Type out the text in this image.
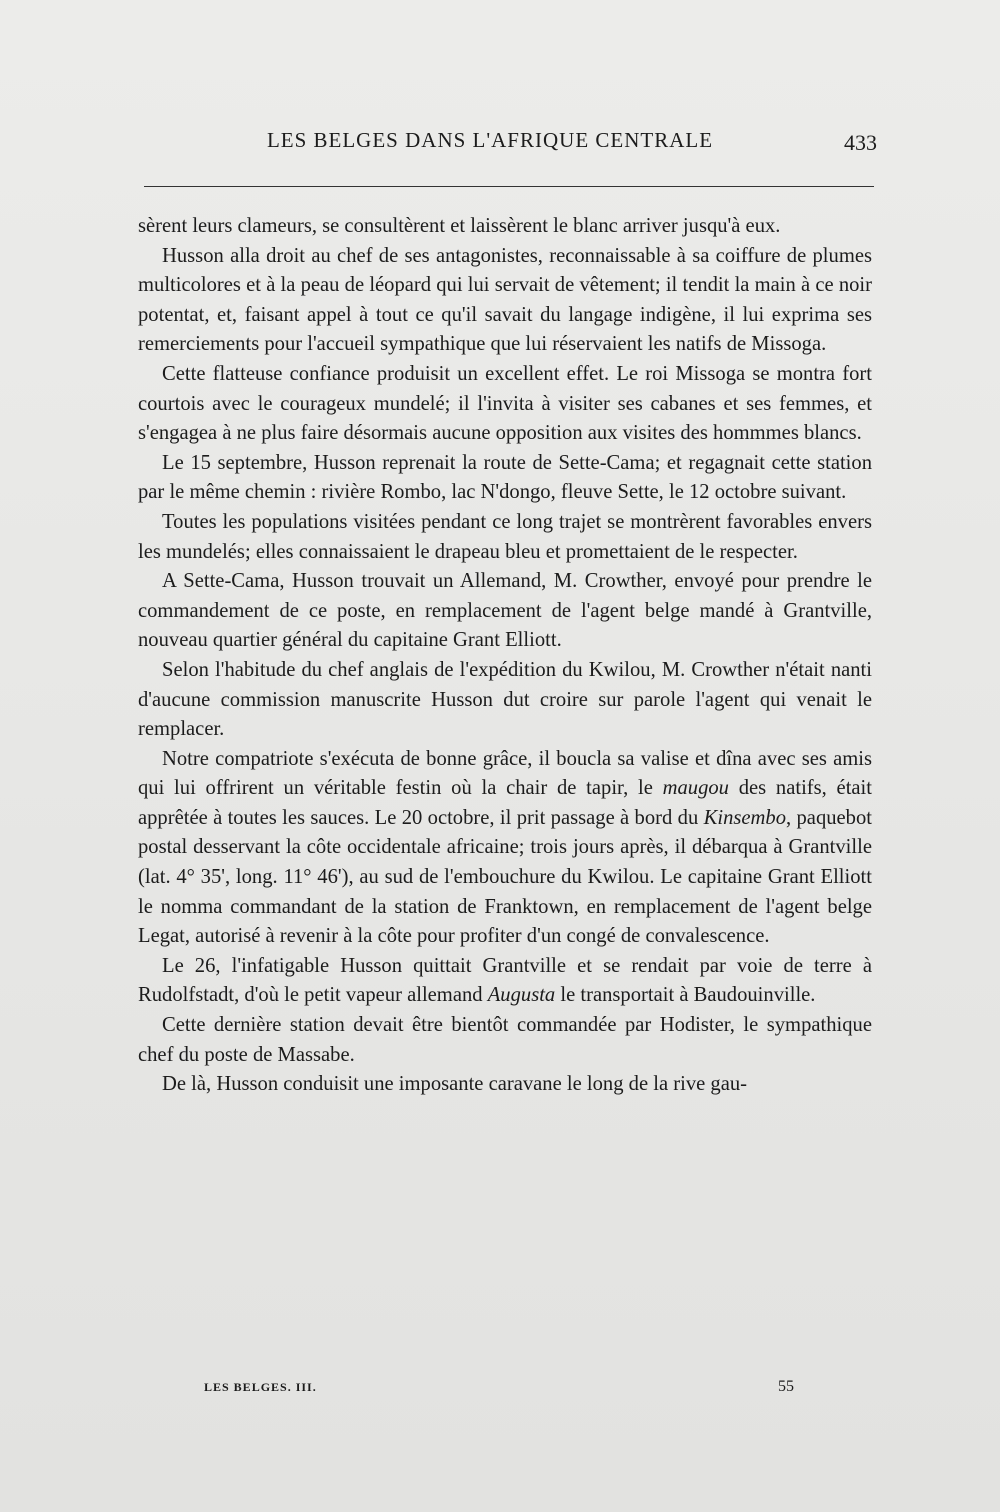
LES BELGES DANS L'AFRIQUE CENTRALE	433

sèrent leurs clameurs, se consultèrent et laissèrent le blanc arriver jusqu'à eux.

Husson alla droit au chef de ses antagonistes, reconnaissable à sa coiffure de plumes multicolores et à la peau de léopard qui lui servait de vêtement; il tendit la main à ce noir potentat, et, faisant appel à tout ce qu'il savait du langage indigène, il lui exprima ses remerciements pour l'accueil sympathique que lui réservaient les natifs de Missoga.

Cette flatteuse confiance produisit un excellent effet. Le roi Missoga se montra fort courtois avec le courageux mundelé; il l'invita à visiter ses cabanes et ses femmes, et s'engagea à ne plus faire désormais aucune opposition aux visites des hommmes blancs.

Le 15 septembre, Husson reprenait la route de Sette-Cama; et regagnait cette station par le même chemin : rivière Rombo, lac N'dongo, fleuve Sette, le 12 octobre suivant.

Toutes les populations visitées pendant ce long trajet se montrèrent favorables envers les mundelés; elles connaissaient le drapeau bleu et promettaient de le respecter.

A Sette-Cama, Husson trouvait un Allemand, M. Crowther, envoyé pour prendre le commandement de ce poste, en remplacement de l'agent belge mandé à Grantville, nouveau quartier général du capitaine Grant Elliott.

Selon l'habitude du chef anglais de l'expédition du Kwilou, M. Crowther n'était nanti d'aucune commission manuscrite Husson dut croire sur parole l'agent qui venait le remplacer.

Notre compatriote s'exécuta de bonne grâce, il boucla sa valise et dîna avec ses amis qui lui offrirent un véritable festin où la chair de tapir, le maugou des natifs, était apprêtée à toutes les sauces. Le 20 octobre, il prit passage à bord du Kinsembo, paquebot postal desservant la côte occidentale africaine; trois jours après, il débarqua à Grantville (lat. 4° 35', long. 11° 46'), au sud de l'embouchure du Kwilou. Le capitaine Grant Elliott le nomma commandant de la station de Franktown, en remplacement de l'agent belge Legat, autorisé à revenir à la côte pour profiter d'un congé de convalescence.

Le 26, l'infatigable Husson quittait Grantville et se rendait par voie de terre à Rudolfstadt, d'où le petit vapeur allemand Augusta le transportait à Baudouinville.

Cette dernière station devait être bientôt commandée par Hodister, le sympathique chef du poste de Massabe.

De là, Husson conduisit une imposante caravane le long de la rive gau-

LES BELGES. III.	55
